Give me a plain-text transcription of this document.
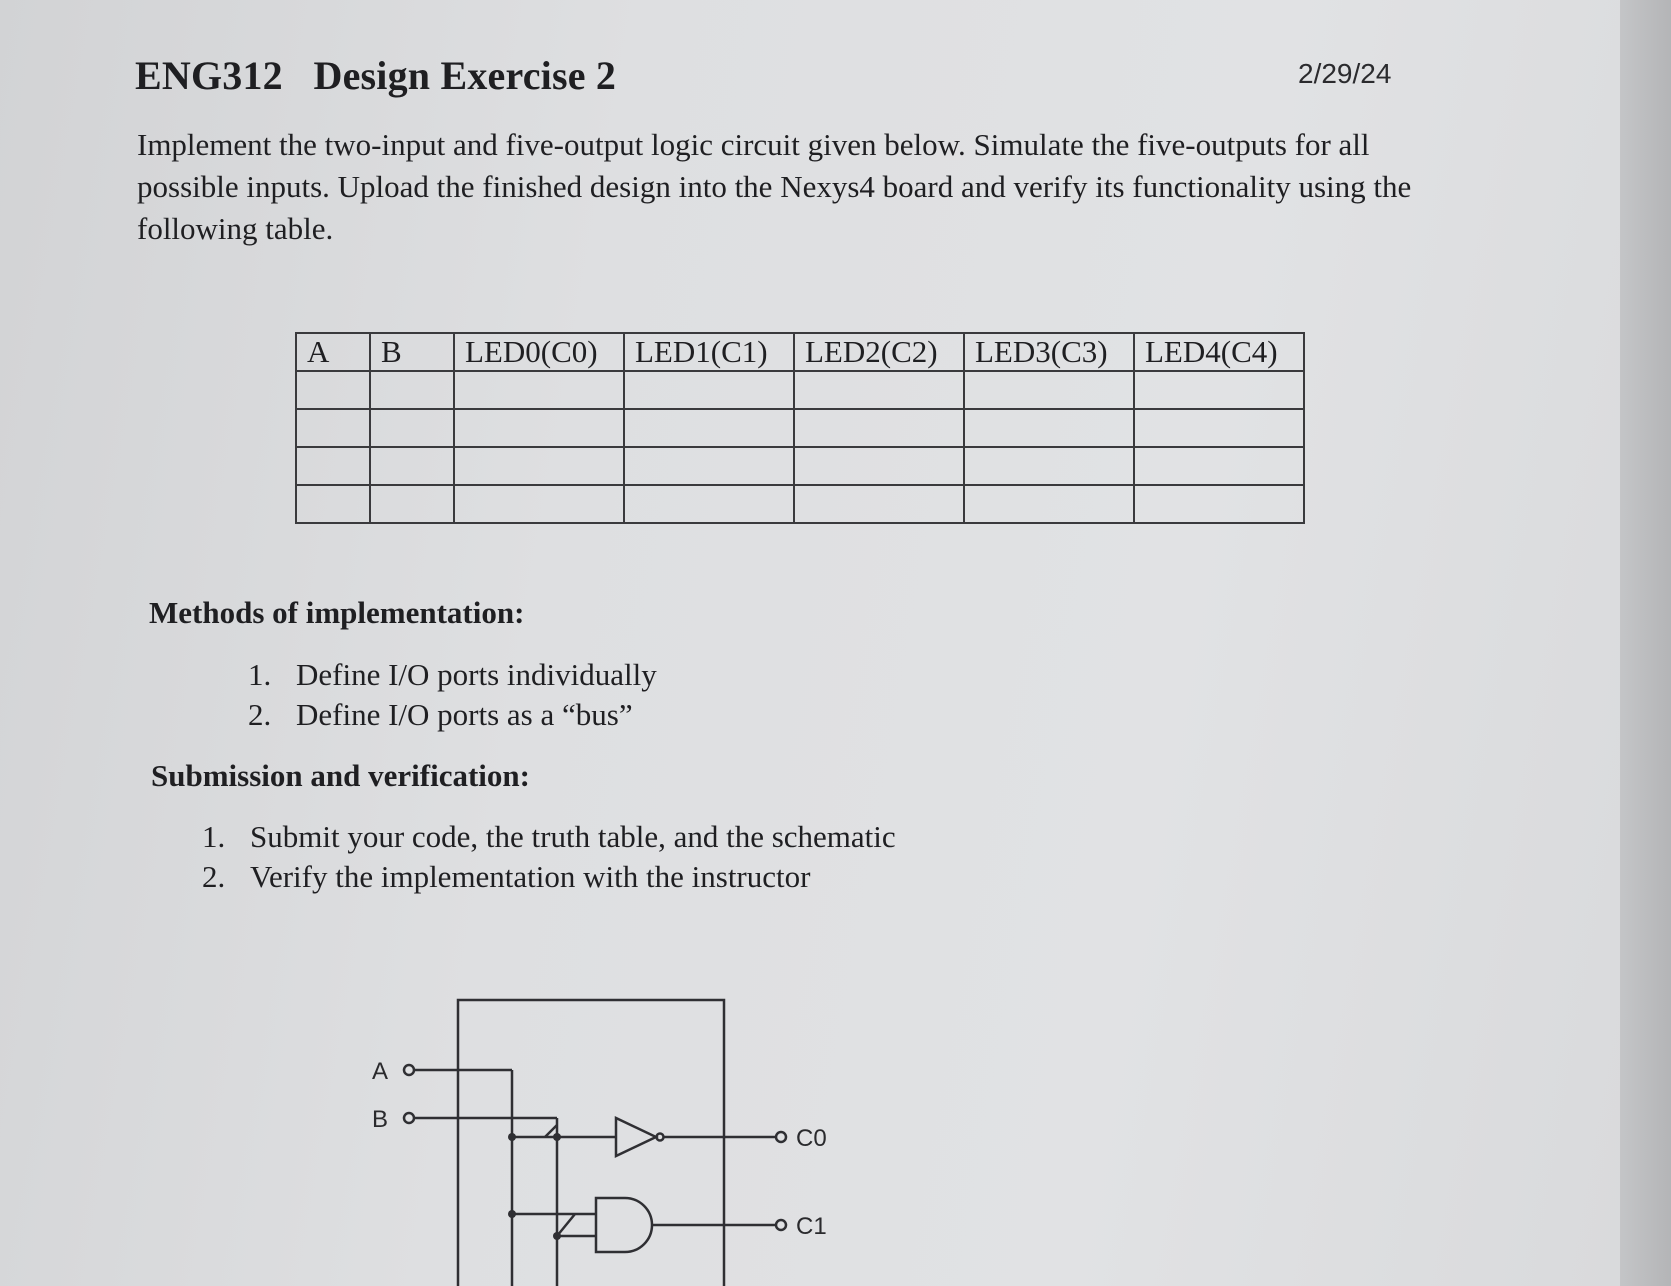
ENG312   Design Exercise 2	2/29/24

Implement the two-input and five-output logic circuit given below. Simulate the five-outputs for all possible inputs. Upload the finished design into the Nexys4 board and verify its functionality using the following table.

A	B	LED0(C0)	LED1(C1)	LED2(C2)	LED3(C3)	LED4(C4)

Methods of implementation:
1. Define I/O ports individually
2. Define I/O ports as a “bus”
Submission and verification:
1. Submit your code, the truth table, and the schematic
2. Verify the implementation with the instructor
A
B
C0
C1
